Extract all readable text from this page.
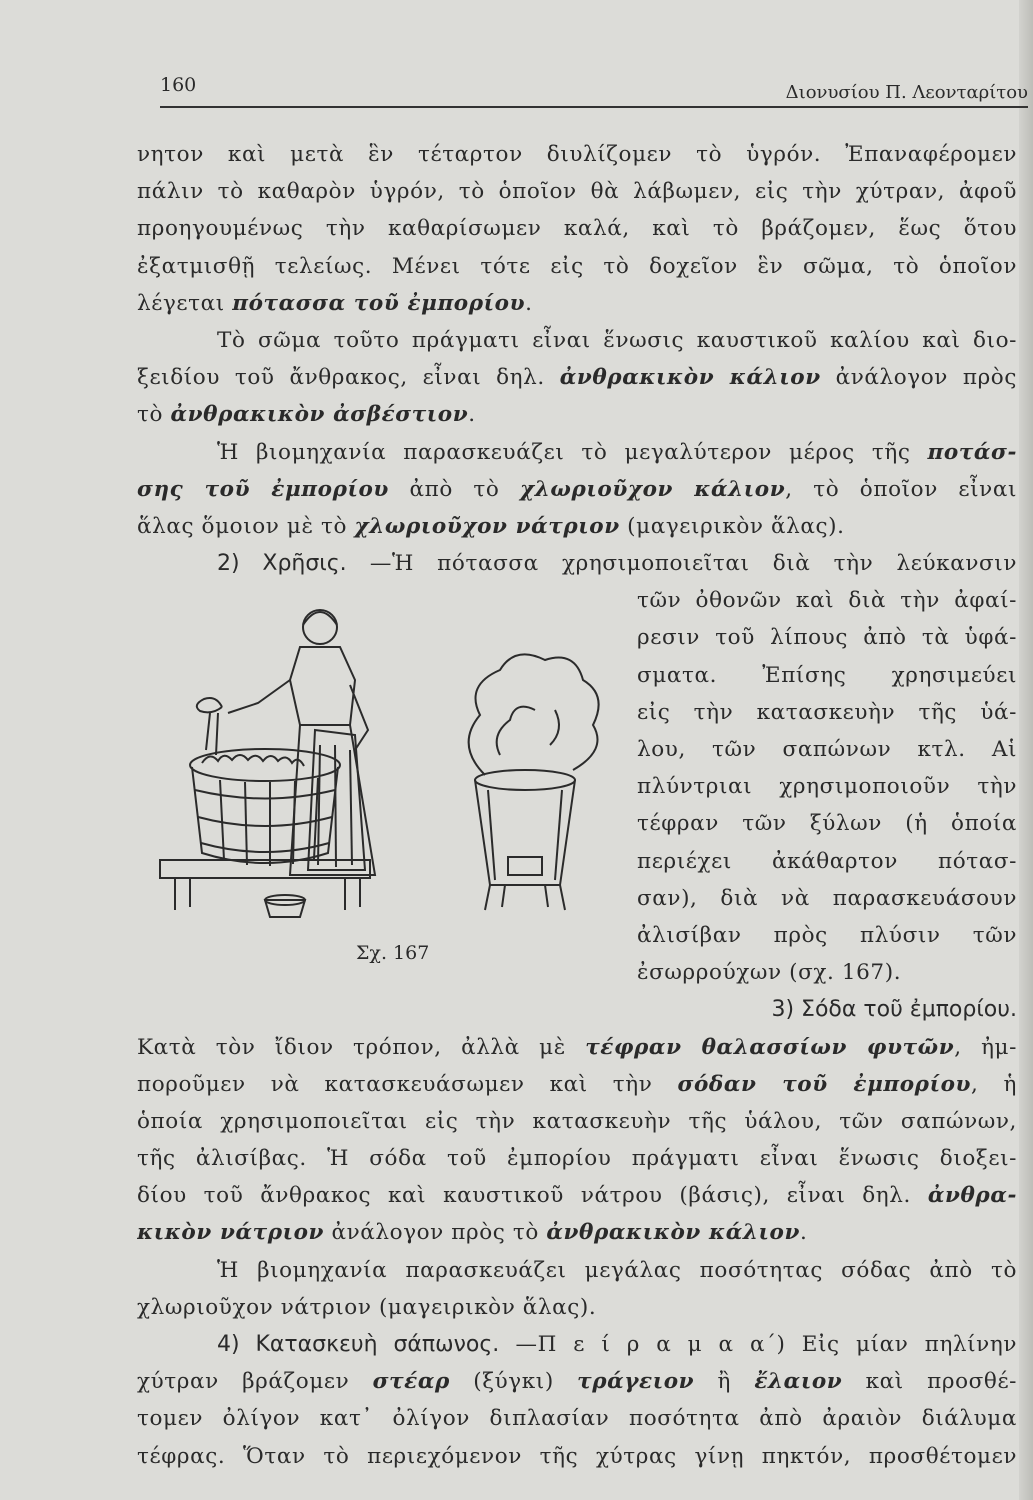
160	Διονυσίου Π. Λεονταρίτου
νητον καὶ μετὰ ἓν τέταρτον διυλίζομεν τὸ ὑγρόν. Ἐπαναφέρομεν
πάλιν τὸ καθαρὸν ὑγρόν, τὸ ὁποῖον θὰ λάβωμεν, εἰς τὴν χύτραν, ἀφοῦ
προηγουμένως τὴν καθαρίσωμεν καλά, καὶ τὸ βράζομεν, ἕως ὅτου
ἐξατμισθῇ τελείως. Μένει τότε εἰς τὸ δοχεῖον ἓν σῶμα, τὸ ὁποῖον
λέγεται πότασσα τοῦ ἐμπορίου.
Τὸ σῶμα τοῦτο πράγματι εἶναι ἕνωσις καυστικοῦ καλίου καὶ διο-
ξειδίου τοῦ ἄνθρακος, εἶναι δηλ. ἀνθρακικὸν κάλιον ἀνάλογον πρὸς
τὸ ἀνθρακικὸν ἀσβέστιον.
Ἡ βιομηχανία παρασκευάζει τὸ μεγαλύτερον μέρος τῆς ποτάσ-
σης τοῦ ἐμπορίου ἀπὸ τὸ χλωριοῦχον κάλιον, τὸ ὁποῖον εἶναι
ἅλας ὅμοιον μὲ τὸ χλωριοῦχον νάτριον (μαγειρικὸν ἅλας).
2) Χρῆσις. —Ἡ πότασσα χρησιμοποιεῖται διὰ τὴν λεύκανσιν
τῶν ὀθονῶν καὶ διὰ τὴν ἀφαί-
ρεσιν τοῦ λίπους ἀπὸ τὰ ὑφά-
σματα. Ἐπίσης χρησιμεύει
εἰς τὴν κατασκευὴν τῆς ὑά-
λου, τῶν σαπώνων κτλ. Αἱ
πλύντριαι χρησιμοποιοῦν τὴν
τέφραν τῶν ξύλων (ἡ ὁποία
περιέχει ἀκάθαρτον πότασ-
σαν), διὰ νὰ παρασκευάσουν
ἀλισίβαν πρὸς πλύσιν τῶν
ἐσωρρούχων (σχ. 167).
3) Σόδα τοῦ ἐμπορίου.
Κατὰ τὸν ἴδιον τρόπον, ἀλλὰ μὲ τέφραν θαλασσίων φυτῶν, ἠμ-
ποροῦμεν νὰ κατασκευάσωμεν καὶ τὴν σόδαν τοῦ ἐμπορίου, ἡ
ὁποία χρησιμοποιεῖται εἰς τὴν κατασκευὴν τῆς ὑάλου, τῶν σαπώνων,
τῆς ἀλισίβας. Ἡ σόδα τοῦ ἐμπορίου πράγματι εἶναι ἕνωσις διοξει-
δίου τοῦ ἄνθρακος καὶ καυστικοῦ νάτρου (βάσις), εἶναι δηλ. ἀνθρα-
κικὸν νάτριον ἀνάλογον πρὸς τὸ ἀνθρακικὸν κάλιον.
Ἡ βιομηχανία παρασκευάζει μεγάλας ποσότητας σόδας ἀπὸ τὸ
χλωριοῦχον νάτριον (μαγειρικὸν ἅλας).
4) Κατασκευὴ σάπωνος. —Π ε ί ρ α μ α α΄) Εἰς μίαν πηλίνην
χύτραν βράζομεν στέαρ (ξύγκι) τράγειον ἢ ἔλαιον καὶ προσθέ-
τομεν ὀλίγον κατ᾿ ὀλίγον διπλασίαν ποσότητα ἀπὸ ἀραιὸν διάλυμα
τέφρας. Ὅταν τὸ περιεχόμενον τῆς χύτρας γίνῃ πηκτόν, προσθέτομεν
Σχ. 167
